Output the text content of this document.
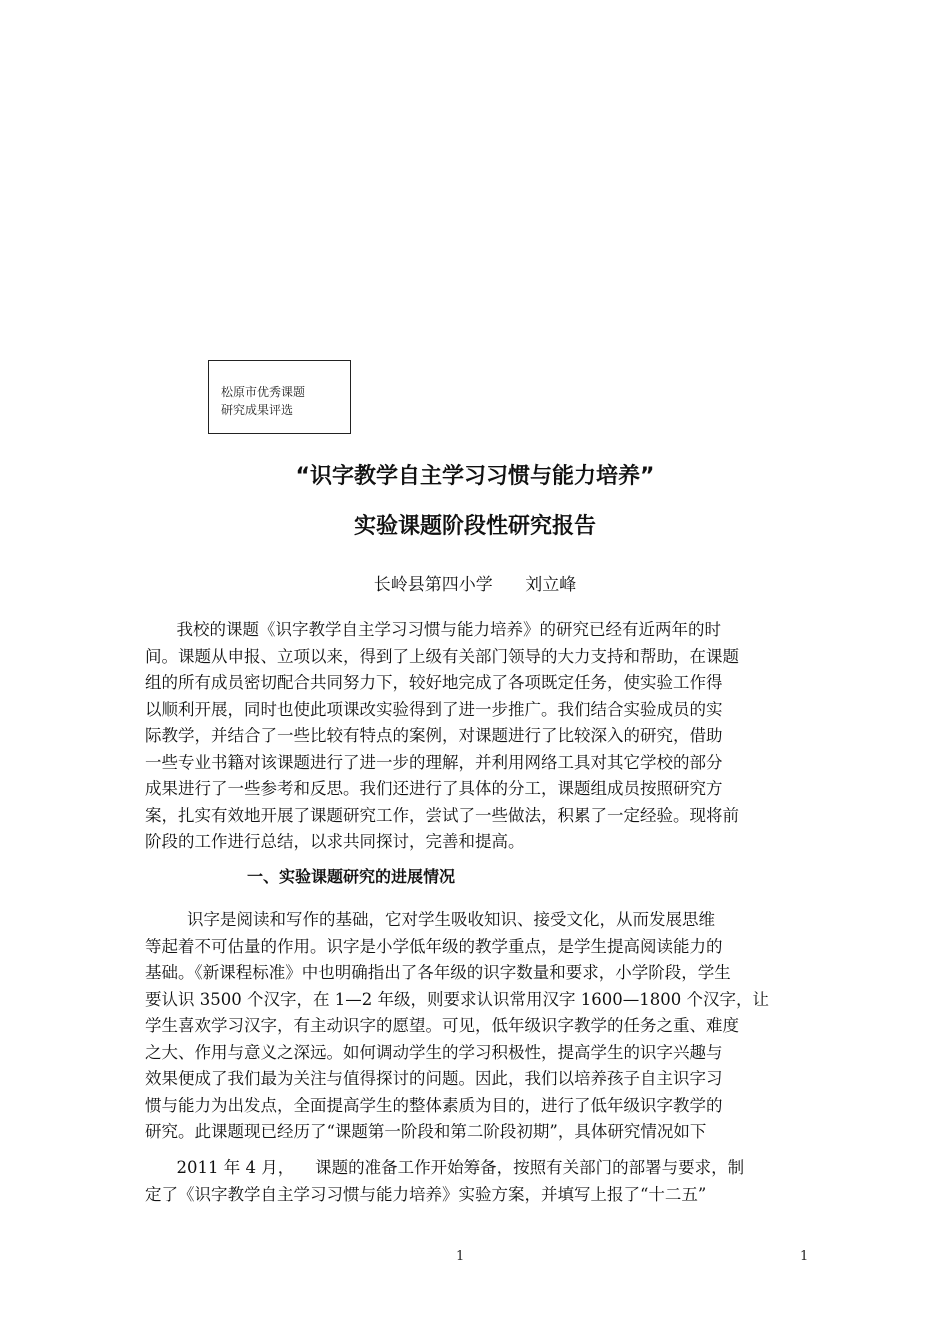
松原市优秀课题
研究成果评选
“识字教学自主学习习惯与能力培养”
实验课题阶段性研究报告
长岭县第四小学      刘立峰
我校的课题《识字教学自主学习习惯与能力培养》的研究已经有近两年的时
间。课题从申报、立项以来，得到了上级有关部门领导的大力支持和帮助，在课题
组的所有成员密切配合共同努力下，较好地完成了各项既定任务，使实验工作得
以顺利开展，同时也使此项课改实验得到了进一步推广。我们结合实验成员的实
际教学，并结合了一些比较有特点的案例，对课题进行了比较深入的研究，借助
一些专业书籍对该课题进行了进一步的理解，并利用网络工具对其它学校的部分
成果进行了一些参考和反思。我们还进行了具体的分工，课题组成员按照研究方
案，扎实有效地开展了课题研究工作，尝试了一些做法，积累了一定经验。现将前
阶段的工作进行总结，以求共同探讨，完善和提高。
一、实验课题研究的进展情况
识字是阅读和写作的基础，它对学生吸收知识、接受文化，从而发展思维
等起着不可估量的作用。识字是小学低年级的教学重点，是学生提高阅读能力的
基础。《新课程标准》中也明确指出了各年级的识字数量和要求，小学阶段，学生
要认识 3500 个汉字，在 1—2 年级，则要求认识常用汉字 1600—1800 个汉字，让
学生喜欢学习汉字，有主动识字的愿望。可见，低年级识字教学的任务之重、难度
之大、作用与意义之深远。如何调动学生的学习积极性，提高学生的识字兴趣与
效果便成了我们最为关注与值得探讨的问题。因此，我们以培养孩子自主识字习
惯与能力为出发点，全面提高学生的整体素质为目的，进行了低年级识字教学的
研究。此课题现已经历了“课题第一阶段和第二阶段初期”，具体研究情况如下
2011 年 4 月，    课题的准备工作开始筹备，按照有关部门的部署与要求，制
定了《识字教学自主学习习惯与能力培养》实验方案，并填写上报了“十二五”
1	1
